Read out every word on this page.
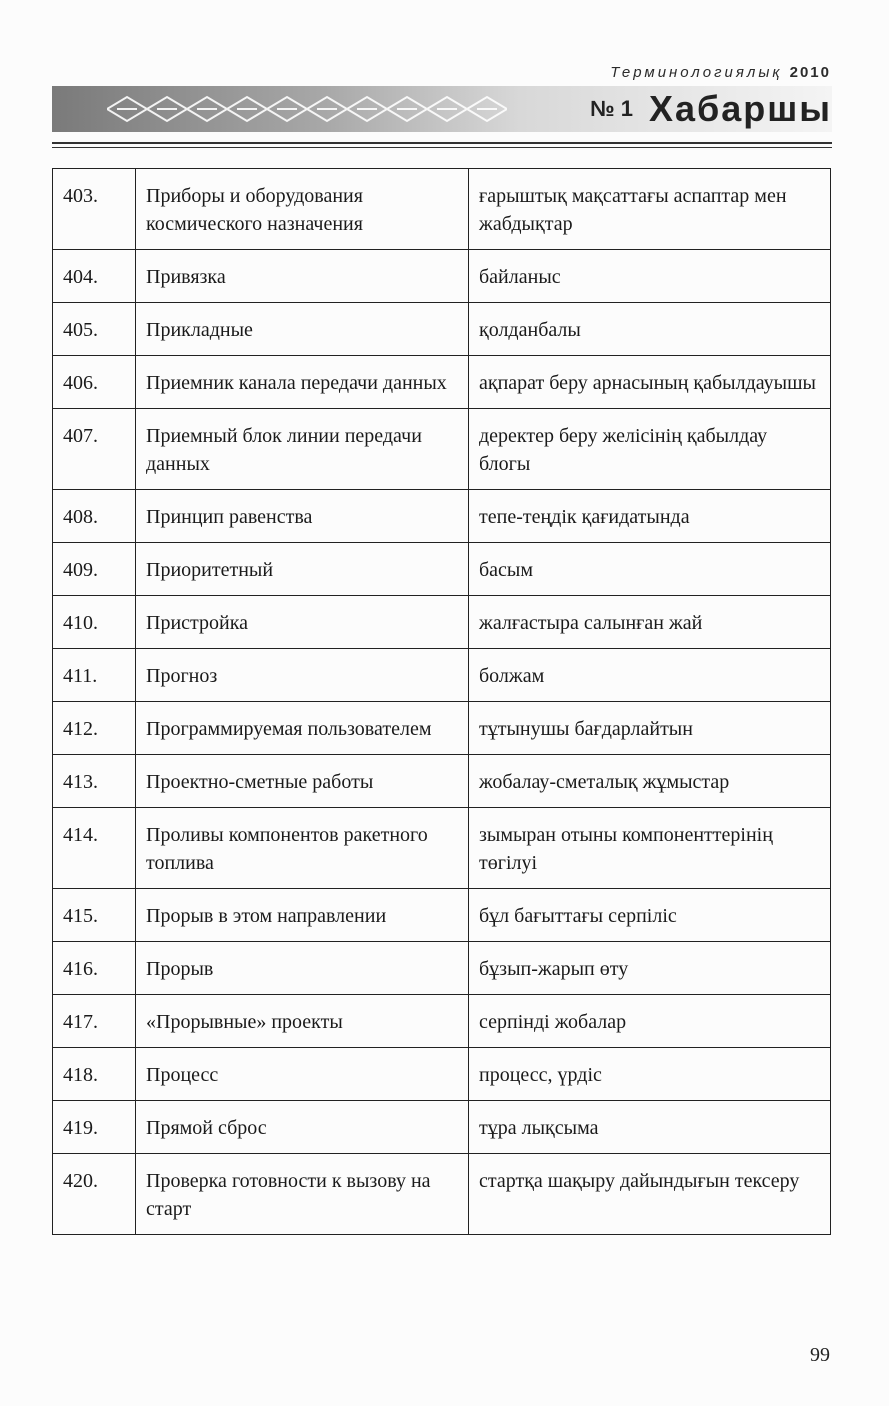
Терминологиялық 2010
№ 1 Хабаршы
403.	Приборы и оборудования космического назначения	ғарыштық мақсаттағы аспаптар мен жабдықтар
404.	Привязка	байланыс
405.	Прикладные	қолданбалы
406.	Приемник канала передачи данных	ақпарат беру арнасының қабылдауышы
407.	Приемный блок линии передачи данных	деректер беру желісінің қабылдау блогы
408.	Принцип равенства	тепе-теңдік қағидатында
409.	Приоритетный	басым
410.	Пристройка	жалғастыра салынған жай
411.	Прогноз	болжам
412.	Программируемая пользователем	тұтынушы бағдарлайтын
413.	Проектно-сметные работы	жобалау-сметалық жұмыстар
414.	Проливы компонентов ракетного топлива	зымыран отыны компоненттерінің төгілуі
415.	Прорыв в этом направлении	бұл бағыттағы серпіліс
416.	Прорыв	бұзып-жарып өту
417.	«Прорывные» проекты	серпінді жобалар
418.	Процесс	процесс, үрдіс
419.	Прямой сброс	тұра лықсыма
420.	Проверка готовности к вызову на старт	стартқа шақыру дайындығын тексеру
99
